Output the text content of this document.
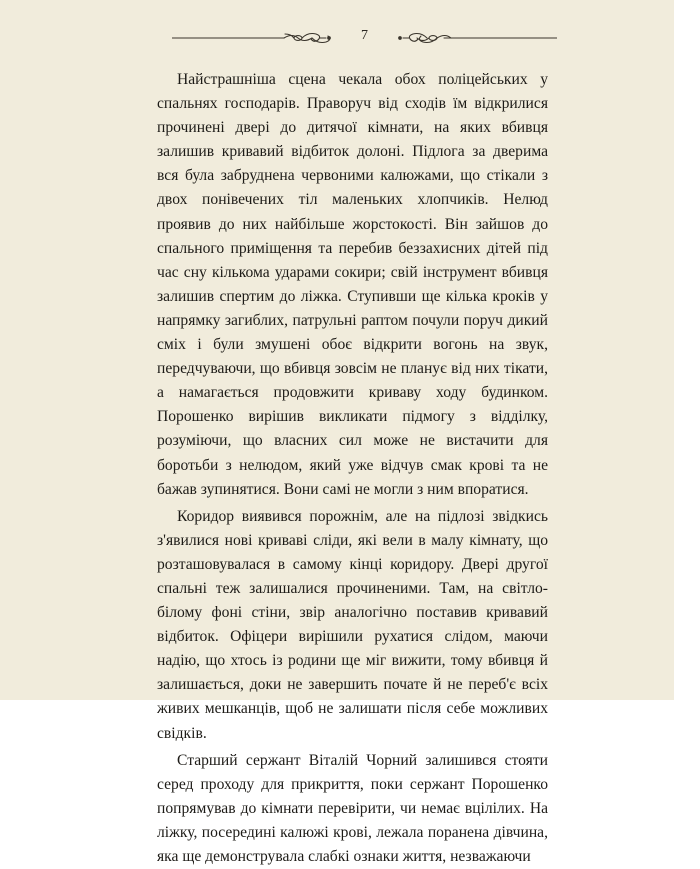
7

Найстрашніша сцена чекала обох поліцейських у спальнях господарів. Праворуч від сходів їм відкрилися прочинені двері до дитячої кімнати, на яких вбивця залишив кривавий відбиток долоні. Підлога за дверима вся була забруднена червоними калюжами, що стікали з двох понівечених тіл маленьких хлопчиків. Нелюд проявив до них найбільше жорстокості. Він зайшов до спального приміщення та перебив беззахисних дітей під час сну кількома ударами сокири; свій інструмент вбивця залишив спертим до ліжка. Ступивши ще кілька кроків у напрямку загиблих, патрульні раптом почули поруч дикий сміх і були змушені обоє відкрити вогонь на звук, передчуваючи, що вбивця зовсім не планує від них тікати, а намагається продовжити криваву ходу будинком. Порошенко вирішив викликати підмогу з відділку, розуміючи, що власних сил може не вистачити для боротьби з нелюдом, який уже відчув смак крові та не бажав зупинятися. Вони самі не могли з ним впоратися.

Коридор виявився порожнім, але на підлозі звідкись з'явилися нові криваві сліди, які вели в малу кімнату, що розташовувалася в самому кінці коридору. Двері другої спальні теж залишалися прочиненими. Там, на світло-білому фоні стіни, звір аналогічно поставив кривавий відбиток. Офіцери вирішили рухатися слідом, маючи надію, що хтось із родини ще міг вижити, тому вбивця й залишається, доки не завершить почате й не переб'є всіх живих мешканців, щоб не залишати після себе можливих свідків.

Старший сержант Віталій Чорний залишився стояти серед проходу для прикриття, поки сержант Порошенко попрямував до кімнати перевірити, чи немає вцілілих. На ліжку, посередині калюжі крові, лежала поранена дівчина, яка ще демонструвала слабкі ознаки життя, незважаючи
